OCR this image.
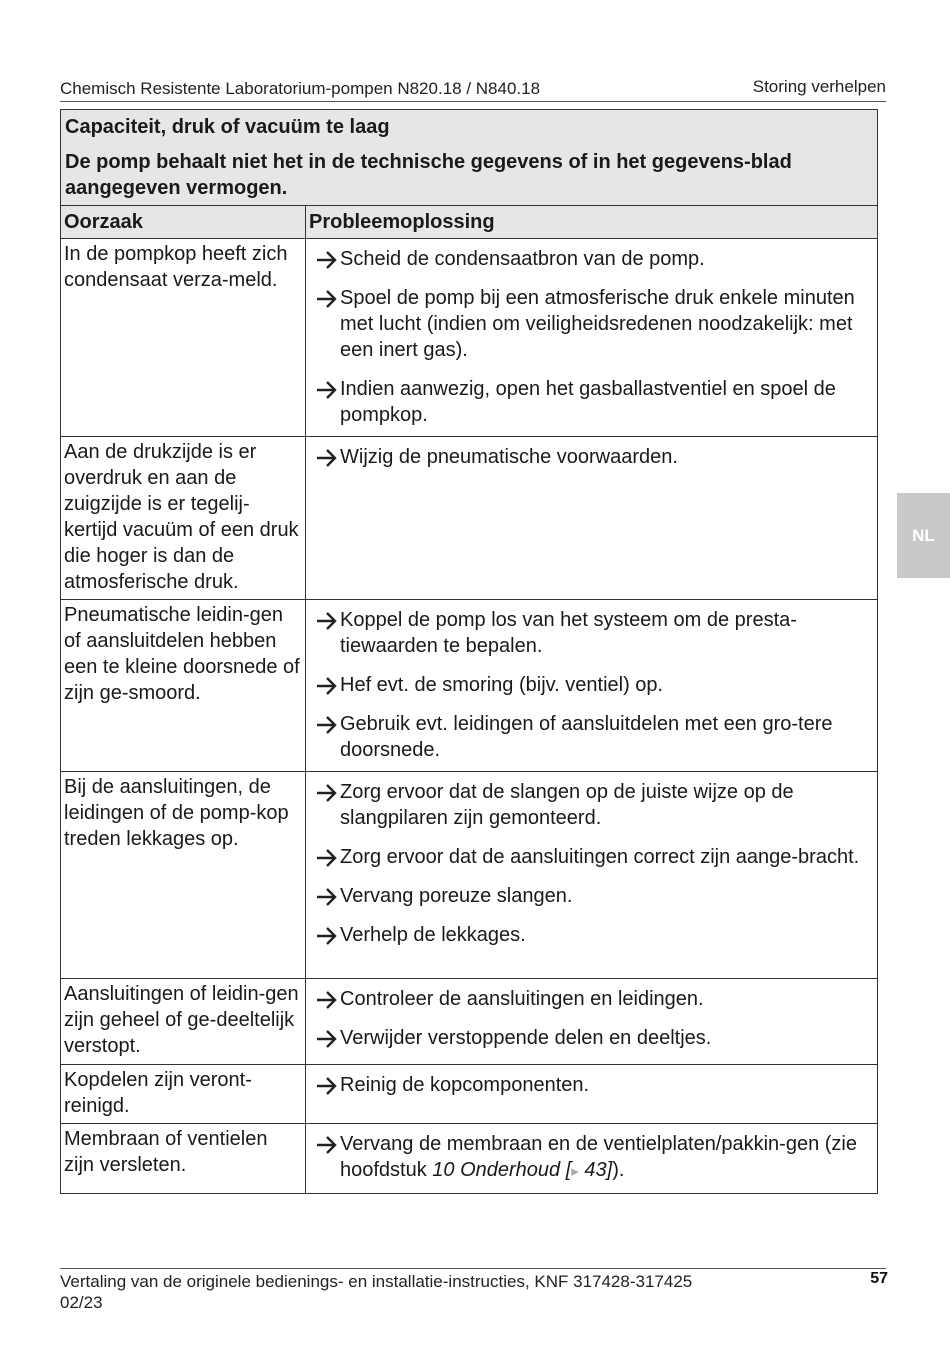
Chemisch Resistente Laboratorium-pompen N820.18 / N840.18	Storing verhelpen
NL
Capaciteit, druk of vacuüm te laag
De pomp behaalt niet het in de technische gegevens of in het gegevens-blad aangegeven vermogen.	

Oorzaak	Probleemoplossing
In de pompkop heeft zich condensaat verza-meld.	Scheid de condensaatbron van de pomp.
Spoel de pomp bij een atmosferische druk enkele minuten met lucht (indien om veiligheidsredenen noodzakelijk: met een inert gas).
Indien aanwezig, open het gasballastventiel en spoel de pompkop.

Aan de drukzijde is er overdruk en aan de zuigzijde is er tegelij-kertijd vacuüm of een druk die hoger is dan de atmosferische druk.	Wijzig de pneumatische voorwaarden.

Pneumatische leidin-gen of aansluitdelen hebben een te kleine doorsnede of zijn ge-smoord.	Koppel de pomp los van het systeem om de presta-tiewaarden te bepalen.
Hef evt. de smoring (bijv. ventiel) op.
Gebruik evt. leidingen of aansluitdelen met een gro-tere doorsnede.

Bij de aansluitingen, de leidingen of de pomp-kop treden lekkages op.	Zorg ervoor dat de slangen op de juiste wijze op de slangpilaren zijn gemonteerd.
Zorg ervoor dat de aansluitingen correct zijn aange-bracht.
Vervang poreuze slangen.
Verhelp de lekkages.

Aansluitingen of leidin-gen zijn geheel of ge-deeltelijk verstopt.	Controleer de aansluitingen en leidingen.
Verwijder verstoppende delen en deeltjes.

Kopdelen zijn veront-reinigd.	Reinig de kopcomponenten.

Membraan of ventielen zijn versleten.	Vervang de membraan en de ventielplaten/pakkin-gen (zie hoofdstuk 10 Onderhoud [▸ 43]).
Vertaling van de originele bedienings- en installatie-instructies, KNF 317428-317425
02/23
57
